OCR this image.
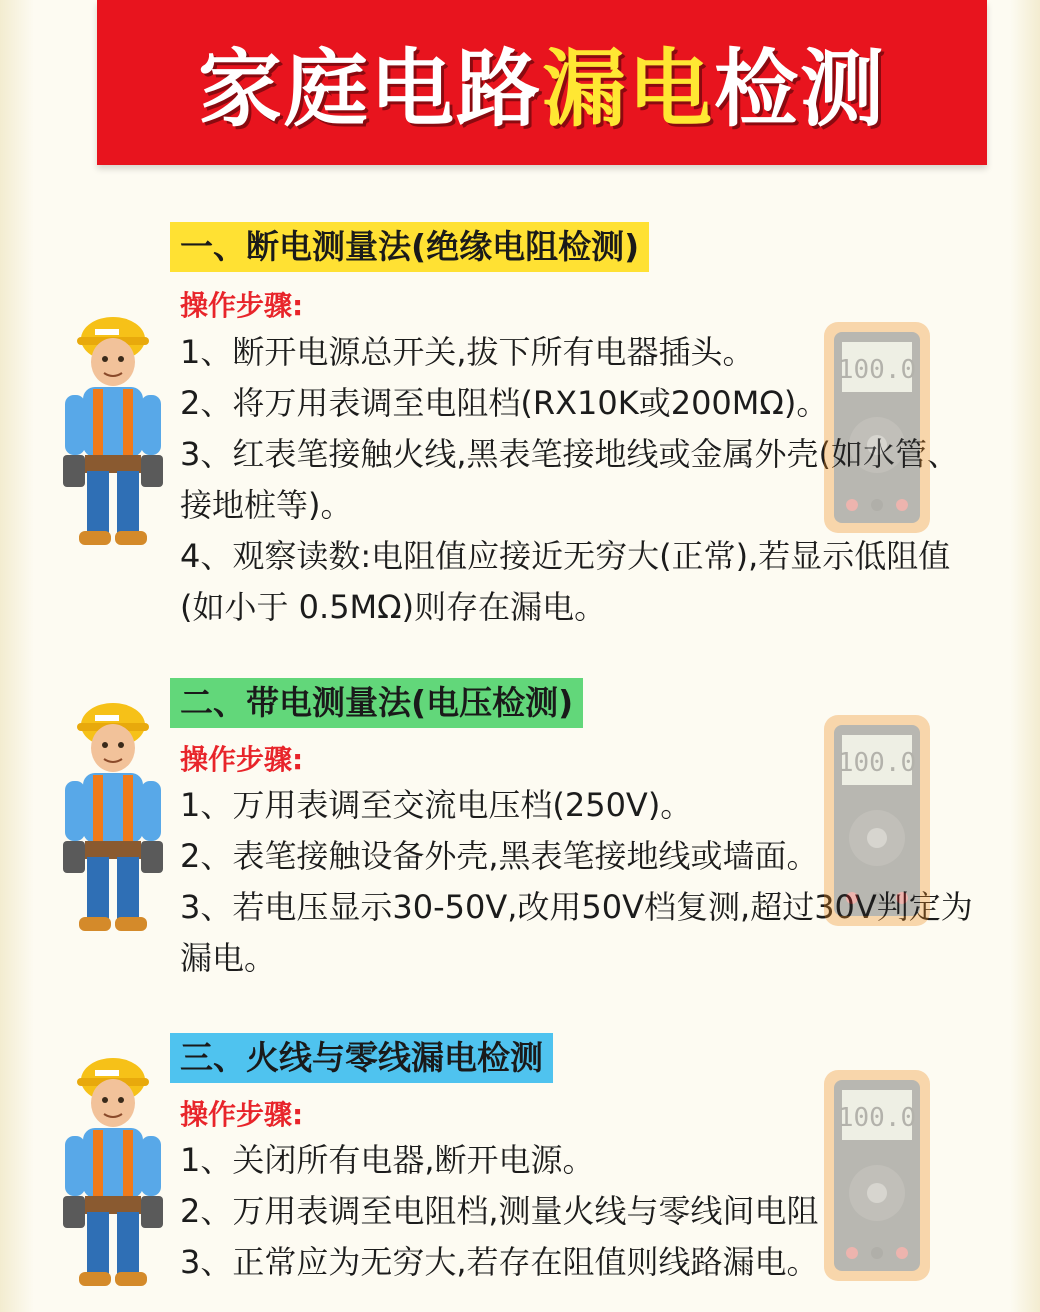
家庭电路漏电检测
一、断电测量法(绝缘电阻检测)
操作步骤:
1、断开电源总开关,拔下所有电器插头。
2、将万用表调至电阻档(RX10K或200MΩ)。
3、红表笔接触火线,黑表笔接地线或金属外壳(如水管、接地桩等)。
4、观察读数:电阻值应接近无穷大(正常),若显示低阻值(如小于 0.5MΩ)则存在漏电。
100.0
二、带电测量法(电压检测)
操作步骤:
1、万用表调至交流电压档(250V)。
2、表笔接触设备外壳,黑表笔接地线或墙面。
3、若电压显示30-50V,改用50V档复测,超过30V判定为漏电。
100.0
三、火线与零线漏电检测
操作步骤:
1、关闭所有电器,断开电源。
2、万用表调至电阻档,测量火线与零线间电阻
3、正常应为无穷大,若存在阻值则线路漏电。
100.0
